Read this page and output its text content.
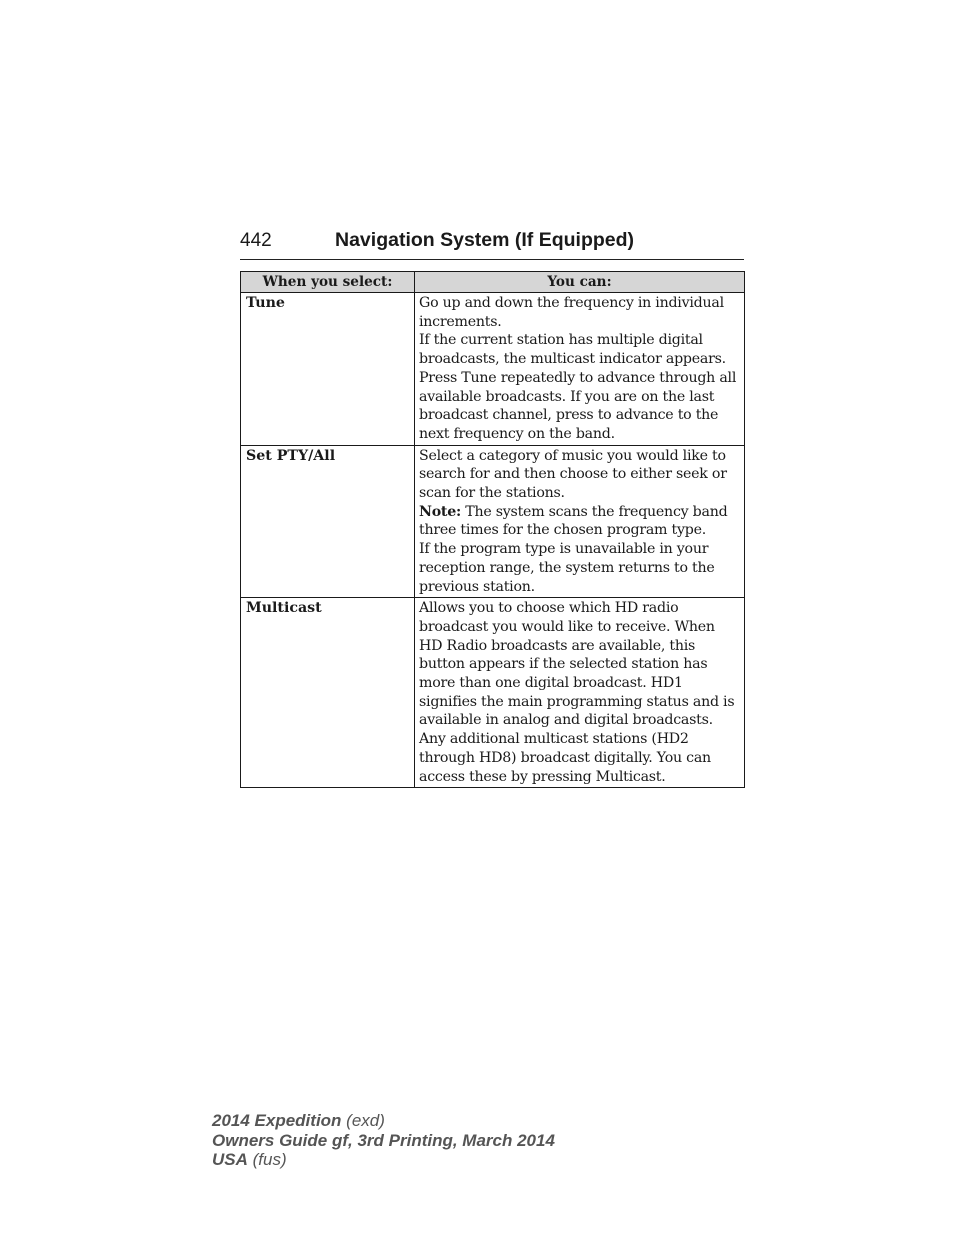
442	Navigation System (If Equipped)
When you select:	You can:
Tune	Go up and down the frequency in individual increments.

If the current station has multiple digital broadcasts, the multicast indicator appears. Press Tune repeatedly to advance through all available broadcasts. If you are on the last broadcast channel, press to advance to the next frequency on the band.

Set PTY/All	Select a category of music you would like to search for and then choose to either seek or scan for the stations.

Note: The system scans the frequency band three times for the chosen program type.

If the program type is unavailable in your reception range, the system returns to the previous station.

Multicast	Allows you to choose which HD radio broadcast you would like to receive. When HD Radio broadcasts are available, this button appears if the selected station has more than one digital broadcast. HD1 signifies the main programming status and is available in analog and digital broadcasts. Any additional multicast stations (HD2 through HD8) broadcast digitally. You can access these by pressing Multicast.

2014 Expedition (exd)
Owners Guide gf, 3rd Printing, March 2014
USA (fus)
